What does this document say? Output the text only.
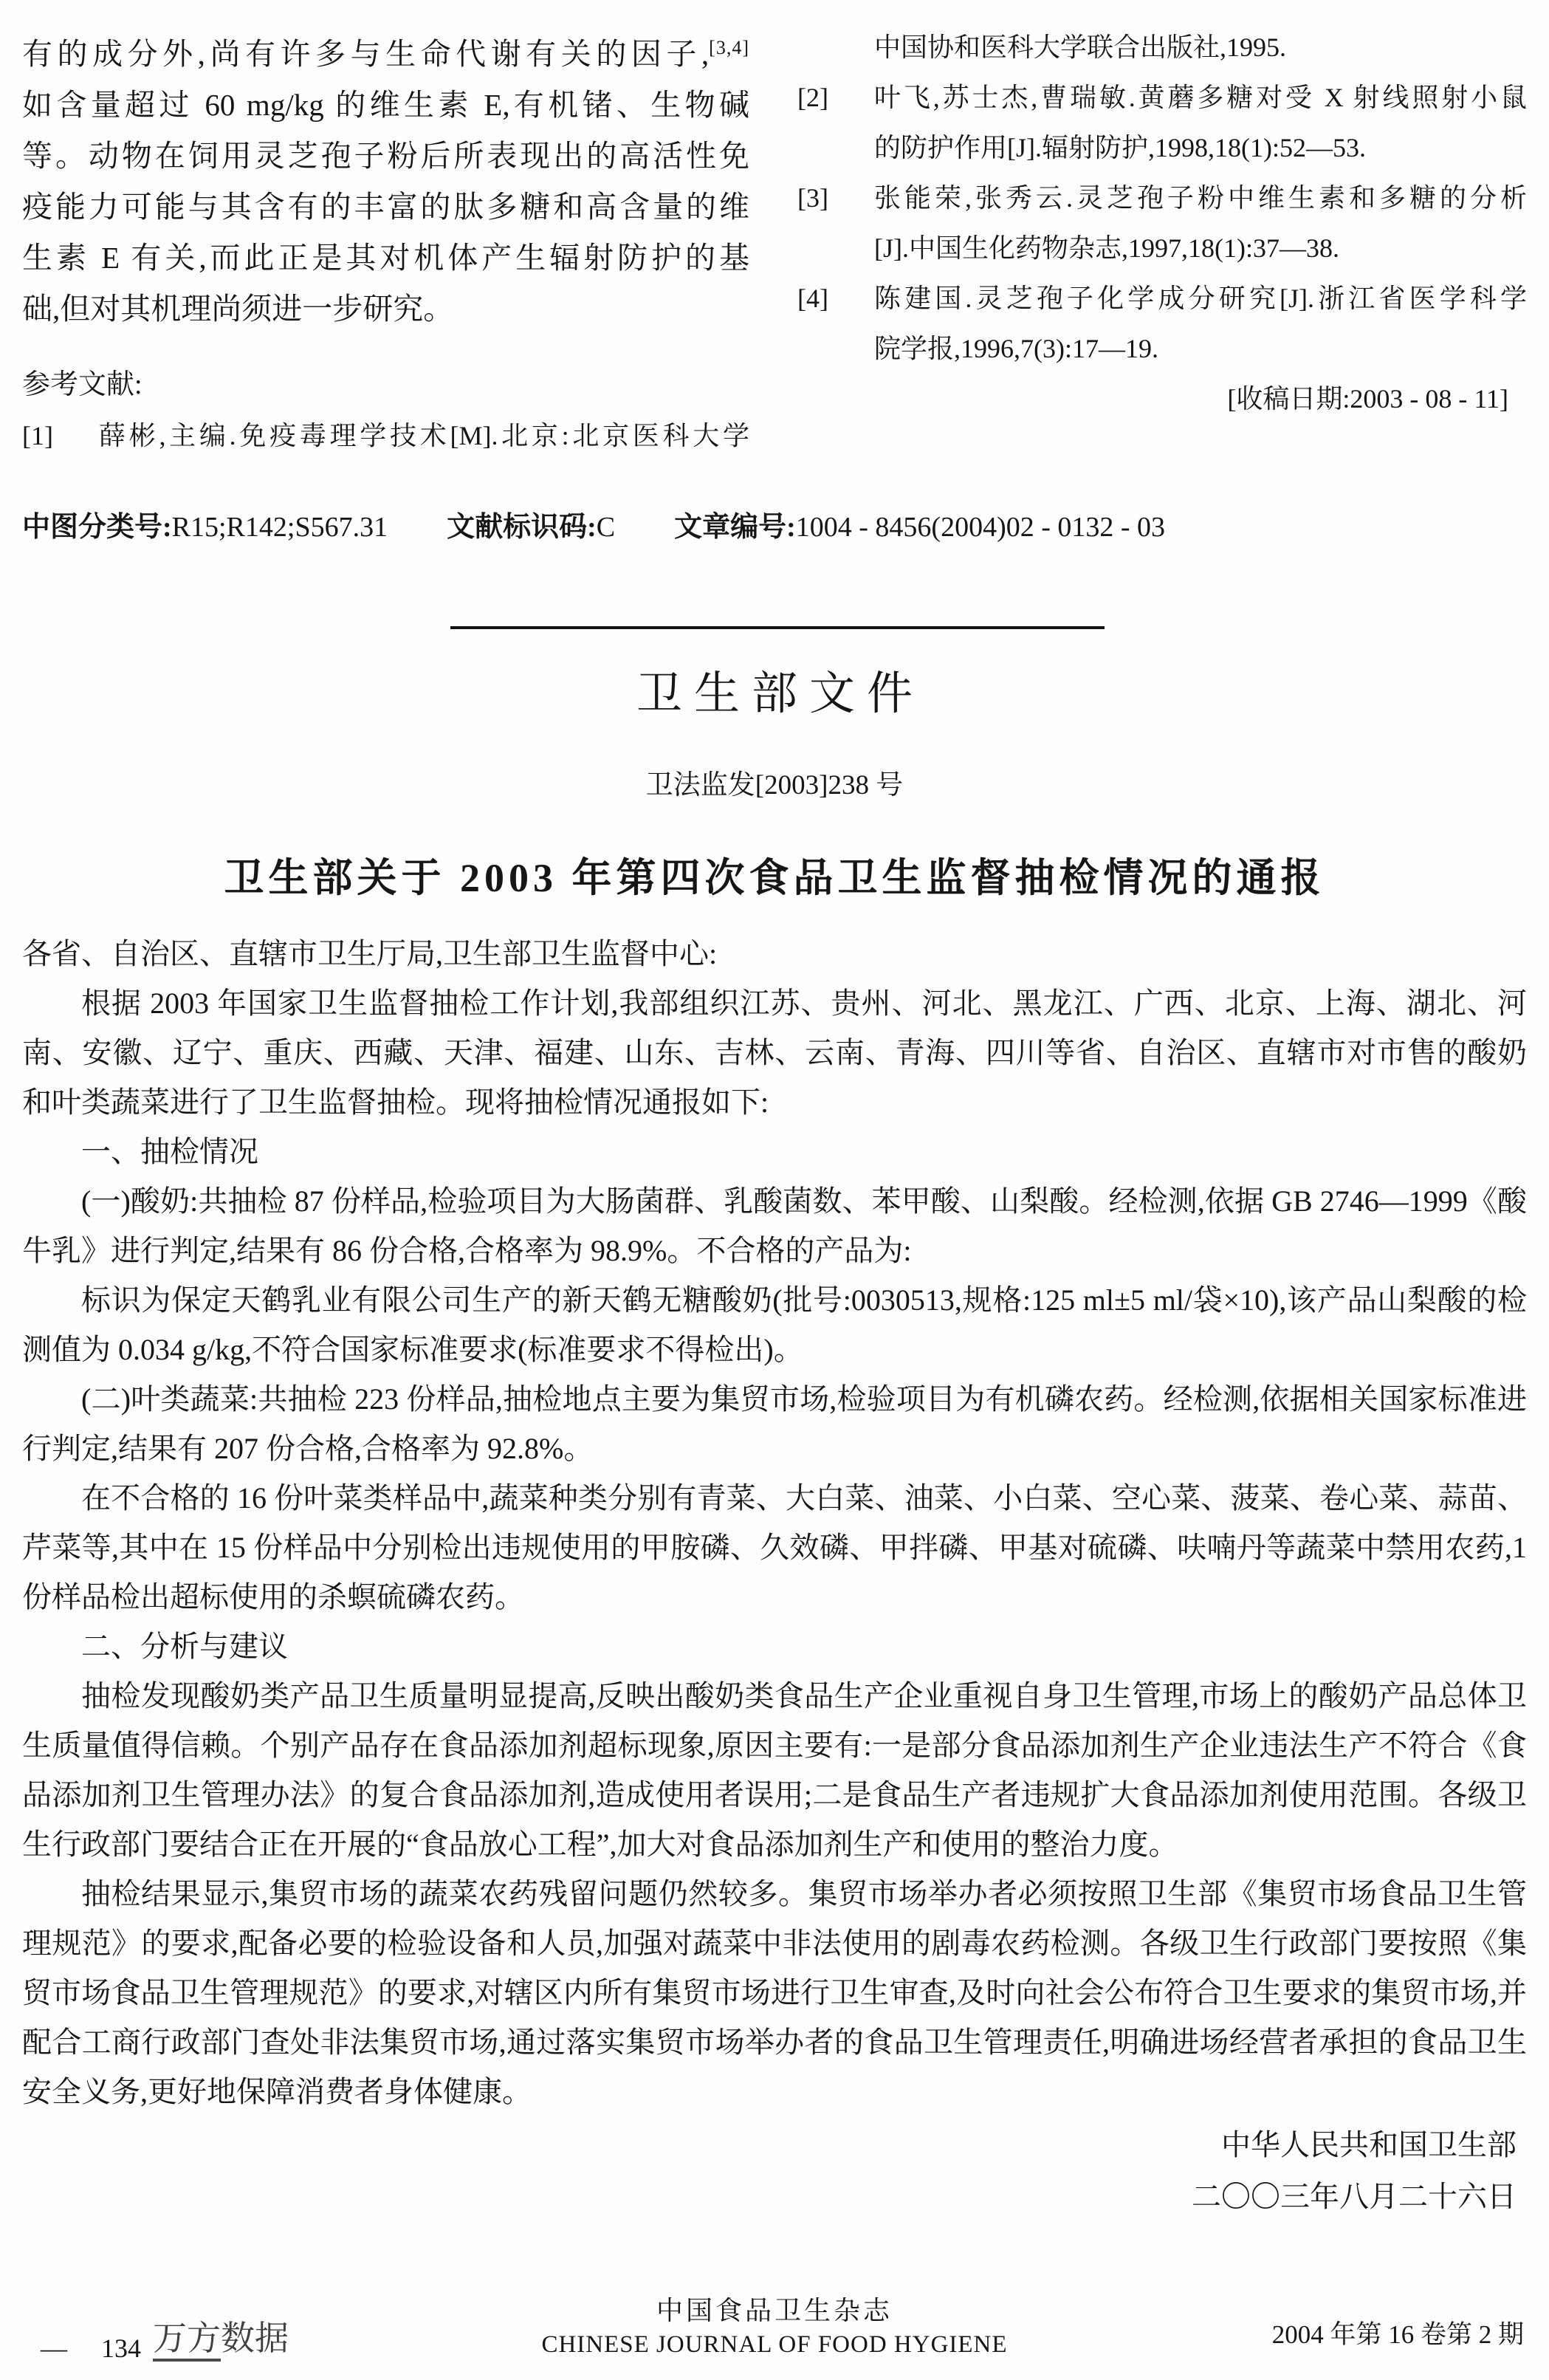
有的成分外,尚有许多与生命代谢有关的因子,[3,4]
如含量超过 60 mg/kg 的维生素 E,有机锗、生物碱
等。动物在饲用灵芝孢子粉后所表现出的高活性免
疫能力可能与其含有的丰富的肽多糖和高含量的维
生素 E 有关,而此正是其对机体产生辐射防护的基
础,但对其机理尚须进一步研究。
参考文献:
[1]	薛彬,主编.免疫毒理学技术[M].北京:北京医科大学
中国协和医科大学联合出版社,1995.
[2]	叶飞,苏士杰,曹瑞敏.黄蘑多糖对受 X 射线照射小鼠
的防护作用[J].辐射防护,1998,18(1):52—53.
[3]	张能荣,张秀云.灵芝孢子粉中维生素和多糖的分析
[J].中国生化药物杂志,1997,18(1):37—38.
[4]	陈建国.灵芝孢子化学成分研究[J].浙江省医学科学
院学报,1996,7(3):17—19.
[收稿日期:2003 - 08 - 11]
中图分类号:R15;R142;S567.31 文献标识码:C 文章编号:1004 - 8456(2004)02 - 0132 - 03
卫生部文件
卫法监发[2003]238 号
卫生部关于 2003 年第四次食品卫生监督抽检情况的通报

各省、自治区、直辖市卫生厅局,卫生部卫生监督中心:

根据 2003 年国家卫生监督抽检工作计划,我部组织江苏、贵州、河北、黑龙江、广西、北京、上海、湖北、河南、安徽、辽宁、重庆、西藏、天津、福建、山东、吉林、云南、青海、四川等省、自治区、直辖市对市售的酸奶和叶类蔬菜进行了卫生监督抽检。现将抽检情况通报如下:

一、抽检情况

(一)酸奶:共抽检 87 份样品,检验项目为大肠菌群、乳酸菌数、苯甲酸、山梨酸。经检测,依据 GB 2746—​1999《酸牛乳》进行判定,结果有 86 份合格,合格率为 98.9%。不合格的产品为:

标识为保定天鹤乳业有限公司生产的新天鹤无糖酸奶(批号:0030513,规格:125 ml±5 ml/袋×10),该产品山梨酸的检测值为 0.034 g/kg,不符合国家标准要求(标准要求不得检出)。

(二)叶类蔬菜:共抽检 223 份样品,抽检地点主要为集贸市场,检验项目为有机磷农药。经检测,依据相关国家标准进行判定,结果有 207 份合格,合格率为 92.8%。

在不合格的 16 份叶菜类样品中,蔬菜种类分别有青菜、大白菜、油菜、小白菜、空心菜、菠菜、卷心菜、蒜苗、芹菜等,其中在 15 份样品中分别检出违规使用的甲胺磷、久效磷、甲拌磷、甲基对硫磷、呋喃丹等蔬菜中禁用农药,1 份样品检出超标使用的杀螟硫磷农药。

二、分析与建议

抽检发现酸奶类产品卫生质量明显提高,反映出酸奶类食品生产企业重视自身卫生管理,市场上的酸奶产品总体卫生质量值得信赖。个别产品存在食品添加剂超标现象,原因主要有:一是部分食品添加剂生产企业违法生产不符合《食品添加剂卫生管理办法》的复合食品添加剂,造成使用者误用;二是食品生产者违规扩大食品添加剂使用范围。各级卫生行政部门要结合正在开展的“食品放心工程”,加大对食品添加剂生产和使用的整治力度。

抽检结果显示,集贸市场的蔬菜农药残留问题仍然较多。集贸市场举办者必须按照卫生部《集贸市场食品卫生管理规范》的要求,配备必要的检验设备和人员,加强对蔬菜中非法使用的剧毒农药检测。各级卫生行政部门要按照《集贸市场食品卫生管理规范》的要求,对辖区内所有集贸市场进行卫生审查,及时向社会公布符合卫生要求的集贸市场,并配合工商行政部门查处非法集贸市场,通过落实集贸市场举办者的食品卫生管理责任,明确进场经营者承担的食品卫生安全义务,更好地保障消费者身体健康。

中华人民共和国卫生部
二〇〇三年八月二十六日
— 134 万方数据
中国食品卫生杂志
CHINESE JOURNAL OF FOOD HYGIENE	2004 年第 16 卷第 2 期
